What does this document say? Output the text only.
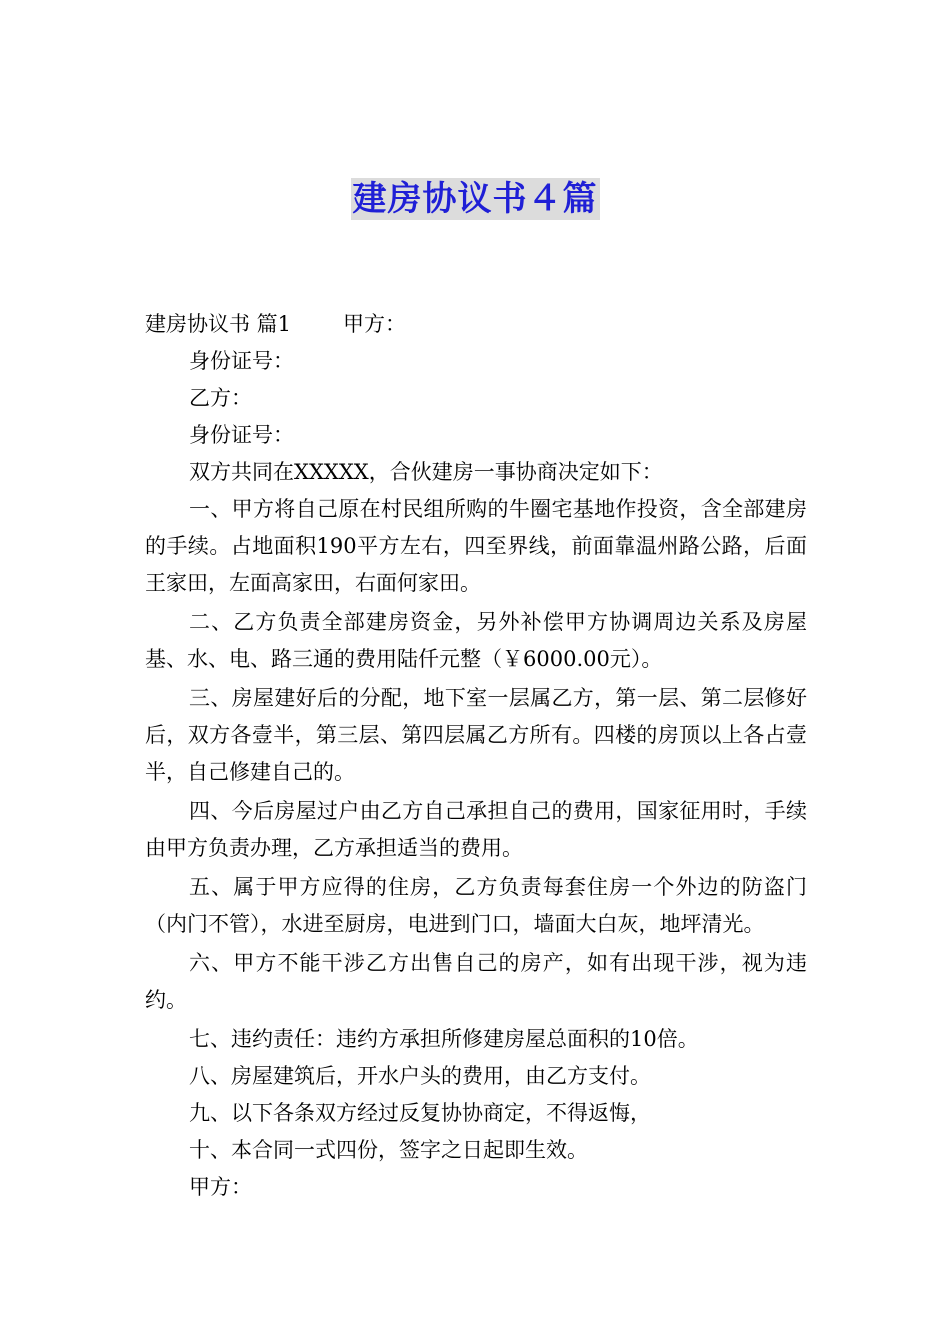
建房协议书４篇
建房协议书 篇1 甲方：

身份证号：

乙方：

身份证号：

双方共同在XXXXX，合伙建房一事协商决定如下：

一、甲方将自己原在村民组所购的牛圈宅基地作投资，含全部建房的手续。占地面积190平方左右，四至界线，前面靠温州路公路，后面王家田，左面高家田，右面何家田。

二、乙方负责全部建房资金，另外补偿甲方协调周边关系及房屋基、水、电、路三通的费用陆仟元整（￥6000.00元）。

三、房屋建好后的分配，地下室一层属乙方，第一层、第二层修好后，双方各壹半，第三层、第四层属乙方所有。四楼的房顶以上各占壹半，自己修建自己的。

四、今后房屋过户由乙方自己承担自己的费用，国家征用时，手续由甲方负责办理，乙方承担适当的费用。

五、属于甲方应得的住房，乙方负责每套住房一个外边的防盗门（内门不管），水进至厨房，电进到门口，墙面大白灰，地坪清光。

六、甲方不能干涉乙方出售自己的房产，如有出现干涉，视为违约。

七、违约责任：违约方承担所修建房屋总面积的10倍。

八、房屋建筑后，开水户头的费用，由乙方支付。

九、以下各条双方经过反复协协商定，不得返悔，

十、本合同一式四份，签字之日起即生效。

甲方：
